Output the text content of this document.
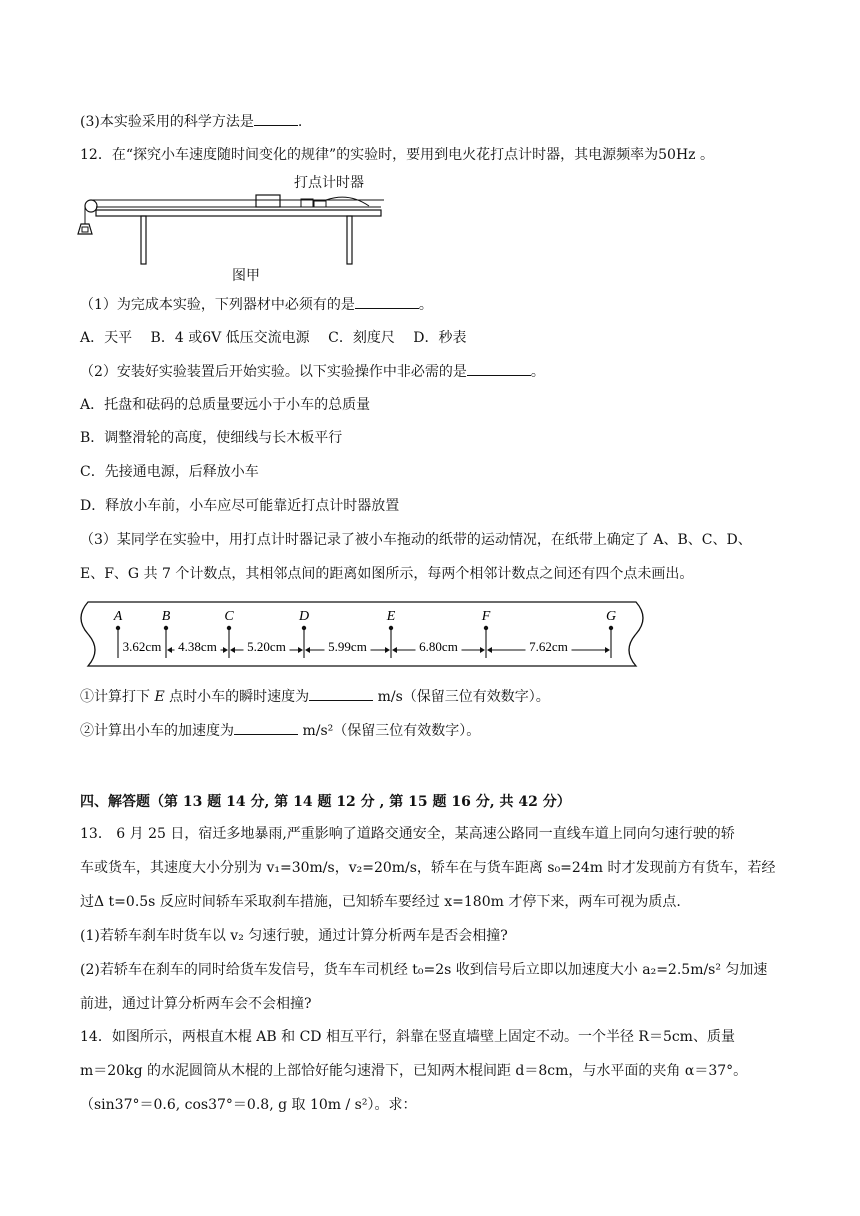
(3)本实验采用的科学方法是	.
12．在“探究小车速度随时间变化的规律”的实验时，要用到电火花打点计时器，其电源频率为50Hz 。
打点计时器
图甲
（1）为完成本实验，下列器材中必须有的是	。
A．天平　 B．4 或6V 低压交流电源　 C．刻度尺　 D．秒表
（2）安装好实验装置后开始实验。以下实验操作中非必需的是	。
A．托盘和砝码的总质量要远小于小车的总质量
B．调整滑轮的高度，使细线与长木板平行
C．先接通电源，后释放小车
D．释放小车前，小车应尽可能靠近打点计时器放置
（3）某同学在实验中，用打点计时器记录了被小车拖动的纸带的运动情况，在纸带上确定了 A、B、C、D、
E、F、G 共 7 个计数点，其相邻点间的距离如图所示，每两个相邻计数点之间还有四个点未画出。
A	B	C	D	E	F	G
3.62cm 4.38cm 5.20cm	5.99cm	6.80cm	7.62cm
①计算打下 E 点时小车的瞬时速度为	m/s（保留三位有效数字）。
②计算出小车的加速度为	m/s²（保留三位有效数字）。
四、解答题（第 13 题 14 分, 第 14 题 12 分 , 第 15 题 16 分, 共 42 分）
13． 6 月 25 日，宿迁多地暴雨,严重影响了道路交通安全，某高速公路同一直线车道上同向匀速行驶的轿
车或货车，其速度大小分别为 v₁=30m/s，v₂=20m/s，轿车在与货车距离 s₀=24m 时才发现前方有货车，若经
过Δ t=0.5s 反应时间轿车采取刹车措施，已知轿车要经过 x=180m 才停下来，两车可视为质点.
(1)若轿车刹车时货车以 v₂ 匀速行驶，通过计算分析两车是否会相撞?
(2)若轿车在刹车的同时给货车发信号，货车车司机经 t₀=2s 收到信号后立即以加速度大小 a₂=2.5m/s² 匀加速
前进，通过计算分析两车会不会相撞?
14．如图所示，两根直木棍 AB 和 CD 相互平行，斜靠在竖直墙壁上固定不动。一个半径 R＝5cm、质量
m＝20kg 的水泥圆筒从木棍的上部恰好能匀速滑下，已知两木棍间距 d＝8cm，与水平面的夹角 α＝37°。
（sin37°＝0.6, cos37°＝0.8, g 取 10m / s²）。求：
